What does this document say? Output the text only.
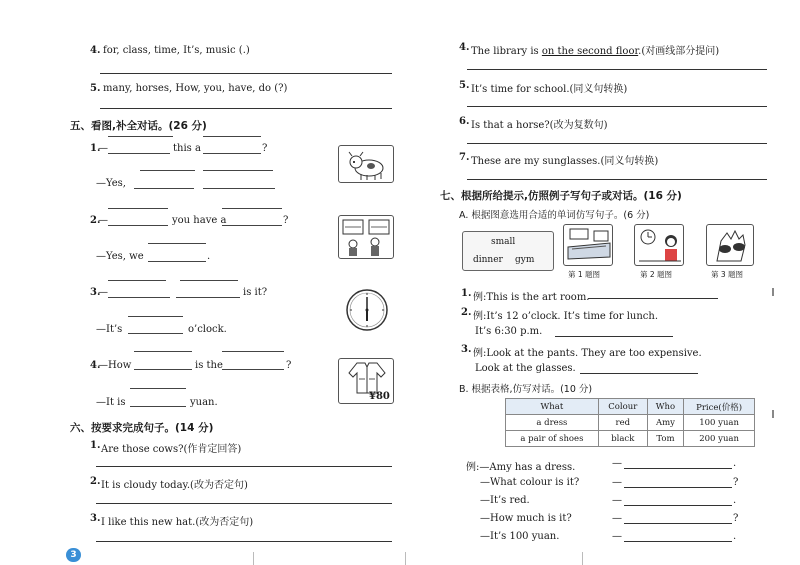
4. for, class, time, It’s, music (.)
5. many, horses, How, you, have, do (?)
五、看图,补全对话。(26 分)
1.
—	this a	?
—Yes,
2.
—	you have a	?
—Yes, we	.
3.
—	is it?
—It’s	o’clock.
4.
—How	is the	?
—It is	yuan.
¥80
六、按要求完成句子。(14 分)
1. Are those cows?(作肯定回答)
2. It is cloudy today.(改为否定句)
3. I like this new hat.(改为否定句)
3
4. The library is on the second floor.(对画线部分提问)
5. It’s time for school.(同义句转换)
6. Is that a horse?(改为复数句)
7. These are my sunglasses.(同义句转换)
七、根据所给提示,仿照例子写句子或对话。(16 分)
A. 根据图意选用合适的单词仿写句子。(6 分)
small
dinner gym
第 1 题图	第 2 题图	第 3 题图
1. 例:This is the art room.
2. 例:It’s 12 o’clock. It’s time for lunch.
It’s 6:30 p.m.
3. 例:Look at the pants. They are too expensive.
Look at the glasses.
B. 根据表格,仿写对话。(10 分)
What	Colour	Who	Price(价格)
a dress	red	Amy	100 yuan
a pair of shoes	black	Tom	200 yuan
例:—Amy has a dress.
—What colour is it?
—It’s red.
—How much is it?
—It’s 100 yuan.
—	.
—	?
—	.
—	?
—	.
